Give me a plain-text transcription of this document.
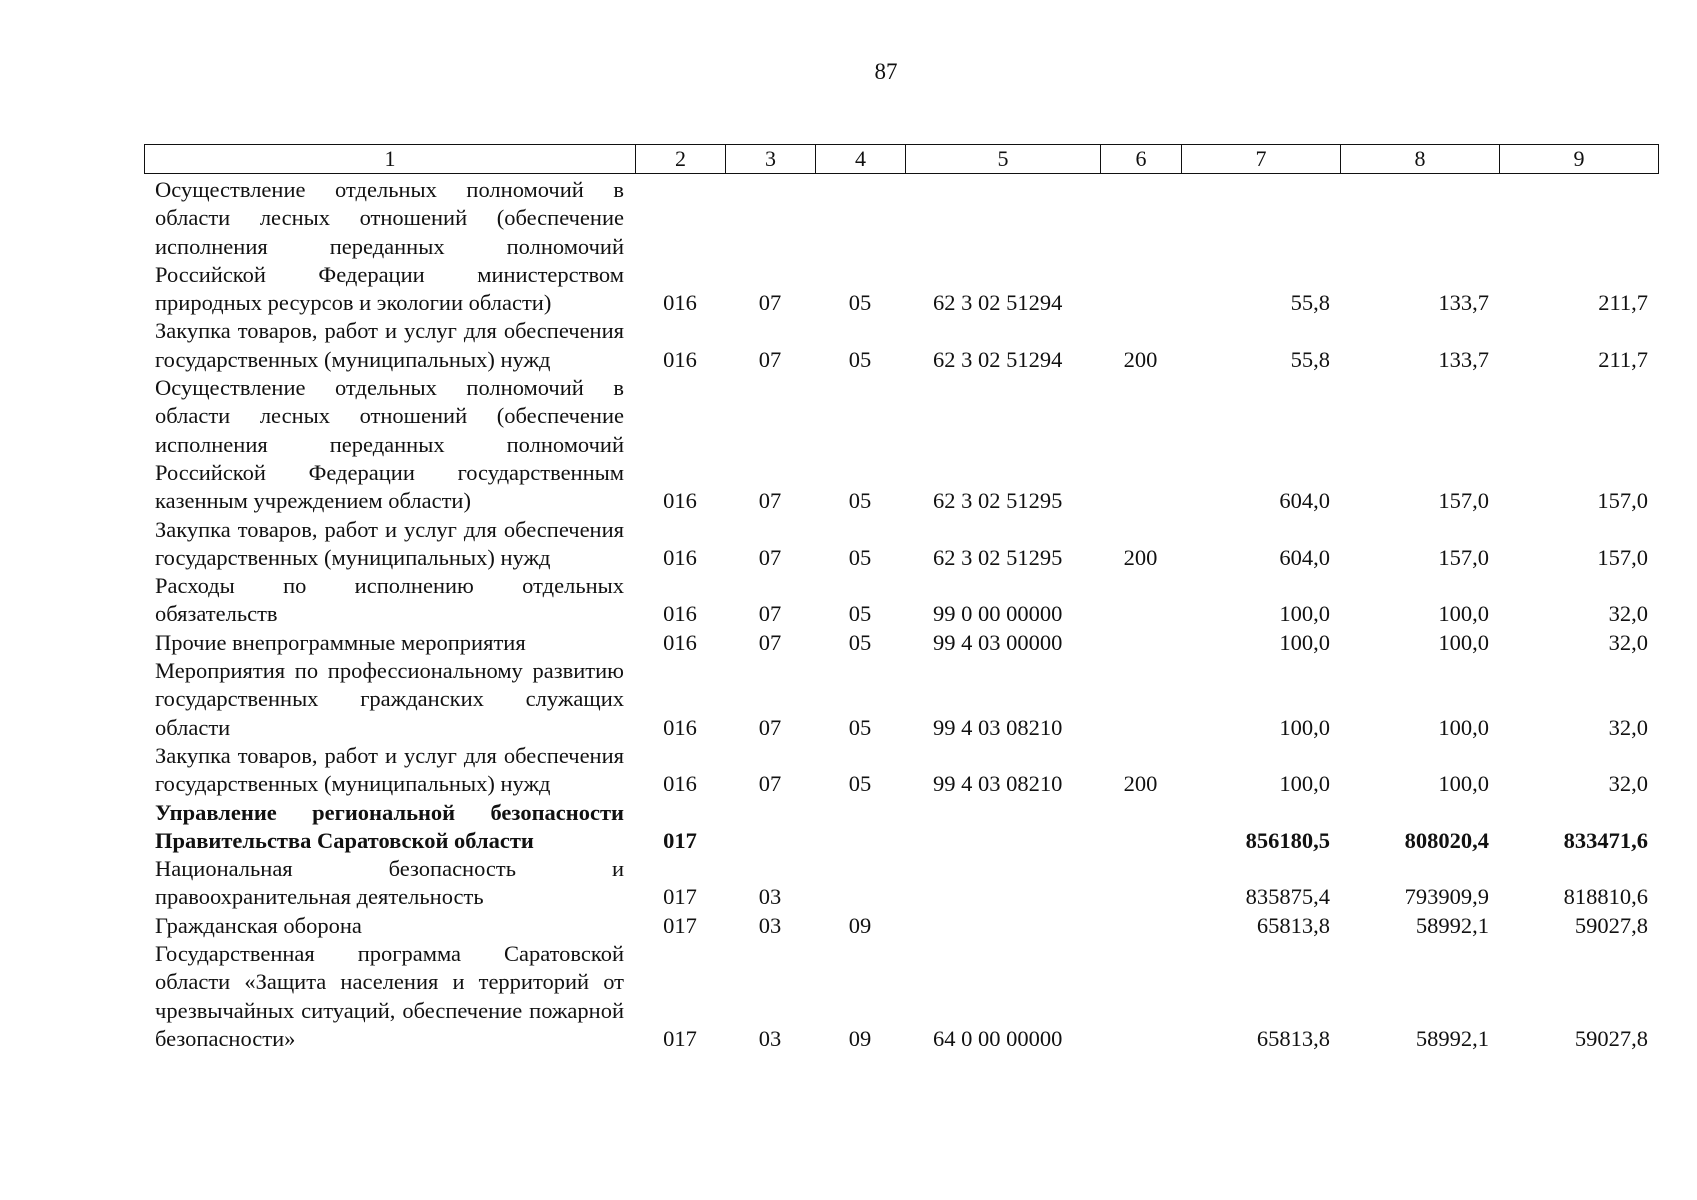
87
1	2	3	4	5	6	7	8	9
Осуществление отдельных полномочий в области лесных отношений (обеспечение исполнения переданных полномочий Российской Федерации министерством природных ресурсов и экологии области)	016	07	05	62 3 02 51294		55,8	133,7	211,7
Закупка товаров, работ и услуг для обеспечения государственных (муниципальных) нужд	016	07	05	62 3 02 51294	200	55,8	133,7	211,7
Осуществление отдельных полномочий в области лесных отношений (обеспечение исполнения переданных полномочий Российской Федерации государственным казенным учреждением области)	016	07	05	62 3 02 51295		604,0	157,0	157,0
Закупка товаров, работ и услуг для обеспечения государственных (муниципальных) нужд	016	07	05	62 3 02 51295	200	604,0	157,0	157,0
Расходы по исполнению отдельных обязательств	016	07	05	99 0 00 00000		100,0	100,0	32,0
Прочие внепрограммные мероприятия	016	07	05	99 4 03 00000		100,0	100,0	32,0
Мероприятия по профессиональному развитию государственных гражданских служащих области	016	07	05	99 4 03 08210		100,0	100,0	32,0
Закупка товаров, работ и услуг для обеспечения государственных (муниципальных) нужд	016	07	05	99 4 03 08210	200	100,0	100,0	32,0
Управление региональной безопасности Правительства Саратовской области	017					856180,5	808020,4	833471,6
Национальная безопасность и правоохранительная деятельность	017	03				835875,4	793909,9	818810,6
Гражданская оборона	017	03	09			65813,8	58992,1	59027,8
Государственная программа Саратовской области «Защита населения и территорий от чрезвычайных ситуаций, обеспечение пожарной безопасности»	017	03	09	64 0 00 00000		65813,8	58992,1	59027,8
